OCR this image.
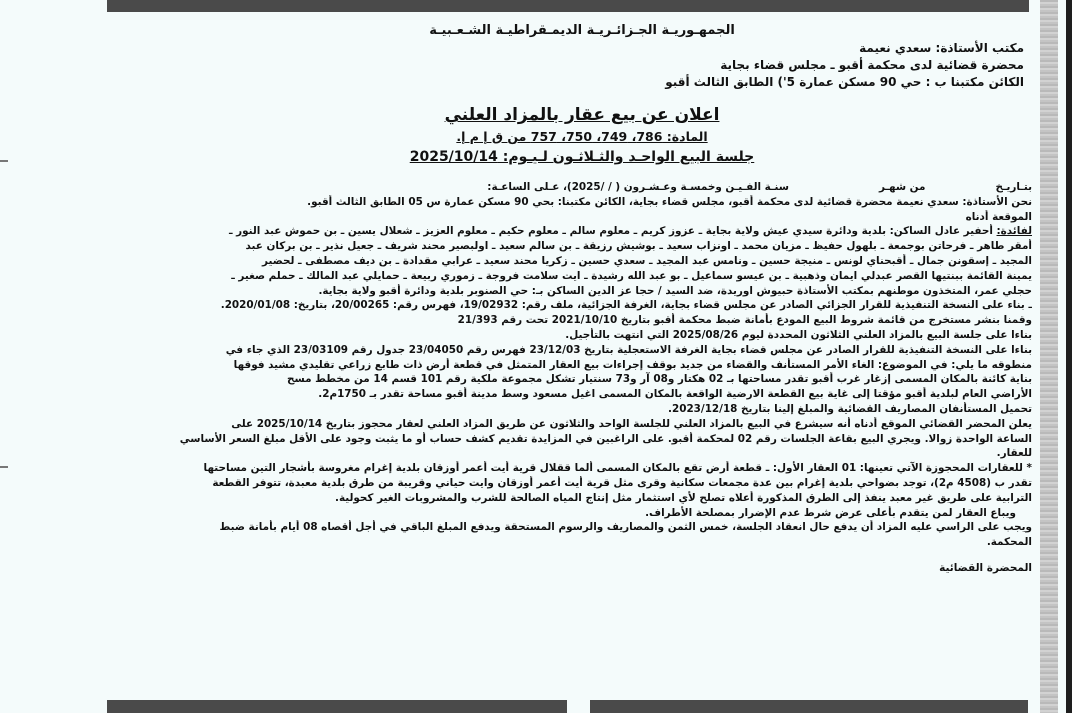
الجمهـوريـة الجـزائـريـة الديمـقراطيـة الشـعـبيـة
مكتب الأستاذة: سعدي نعيمة
محضرة قضائية لدى محكمة أقبو ـ مجلس قضاء بجاية
الكائن مكتبنا ب : حي 90 مسكن عمارة 5') الطابق الثالث أقبو
اعلان عن بيع عقار بالمزاد العلني
المادة: 786، 749، 750، 757 من ق إ م إ.
جلسة البيع الواحـد والثـلاثـون لـيـوم: 2025/10/14
بتـاريـخمن شهـرسنـة الفـيـن وخمسـة وعـشـرون ( / /2025)، عـلى الساعـة:
نحن الأستاذة: سعدي نعيمة محضرة قضائية لدى محكمة أقبو، مجلس قضاء بجاية، الكائن مكتبنا: بحي 90 مسكن عمارة س 05 الطابق الثالث أقبو.
الموقعة أدناه
لفائدة: أحفير عادل الساكن: بلدية ودائرة سيدي عيش ولاية بجاية ـ عزوز كريم ـ معلوم سالم ـ معلوم حكيم ـ معلوم العزيز ـ شعلال يسين ـ بن حموش عبد النور ـ
أمقر طاهر ـ فرحاتن بوجمعة ـ بلهول حفيظ ـ مزيان محمد ـ اونزاب سعيد ـ بوشيش رزيقة ـ بن سالم سعيد ـ اولبصير محند شريف ـ جعيل نذير ـ بن بركان عبد
المجيد ـ إسقونن جمال ـ أقبحناي لونس ـ منيجة حسين ـ ونامس عبد المجيد ـ سعدي حسين ـ زكريا محند سعيد ـ عرابي مقدادة ـ بن ديف مصطفى ـ لحضير
يمينة القائمة ببنتيها القصر عبدلي ايمان وذهبية ـ بن عيسو سماعيل ـ بو عبد الله رشيدة ـ ايت سلامت فروجة ـ زموري ربيعة ـ حمايلي عبد المالك ـ حملم صغير ـ
حجلي عمر، المتخذون موطنهم بمكتب الأستاذة حبيوش اوريدة، ضد السيد / حجا عز الدين الساكن بـ: حي الصنوبر بلدية ودائرة أقبو ولاية بجاية.
ـ بناء على النسخة التنفيذية للقرار الجزائي الصادر عن مجلس قضاء بجاية، الغرفة الجزائية، ملف رقم: 19/02932، فهرس رقم: 20/00265، بتاريخ: 2020/01/08.
وقمنا بنشر مستخرج من قائمة شروط البيع المودع بأمانة ضبط محكمة أقبو بتاريخ 2021/10/10 تحت رقم 21/393
بناءا على جلسة البيع بالمزاد العلني الثلاثون المحددة ليوم 2025/08/26 التي انتهت بالتأجيل.
بناءا على النسخة التنفيذية للقرار الصادر عن مجلس قضاء بجاية الغرفة الاستعجلية بتاريخ 23/12/03 فهرس رقم 23/04050 جدول رقم 23/03109 الذي جاء في
منطوقه ما يلي: في الموضوع: الغاء الأمر المستأنف والقضاء من جديد بوقف إجراءات بيع العقار المتمثل في قطعة أرض ذات طابع زراعي تقليدي مشيد فوقها
بناية كائنة بالمكان المسمى إزغار غرب أقبو تقدر مساحتها بـ 02 هكتار و08 آر و73 سنتيار تشكل مجموعة ملكية رقم 101 قسم 14 من مخطط مسح
الأراضي العام لبلدية أقبو مؤقتا إلى غاية بيع القطعة الارضية الواقعة بالمكان المسمى اغيل مسعود وسط مدينة أقبو مساحة تقدر بـ 1750م2.
تحميل المستأنفان المصاريف القضائية والمبلغ إلينا بتاريخ 2023/12/18.
يعلن المحضر القضائي الموقع أدناه أنه سيشرع في البيع بالمزاد العلني للجلسة الواحد والثلاثون عن طريق المزاد العلني لعقار محجوز بتاريخ 2025/10/14 على
الساعة الواحدة زوالا. ويجري البيع بقاعة الجلسات رقم 02 لمحكمة أقبو. على الراغبين في المزايدة تقديم كشف حساب أو ما يثبت وجود على الأقل مبلغ السعر الأساسي
للعقار.
* للعقارات المحجوزة الآتي تعينها: 01 العقار الأول: ـ قطعة أرض تقع بالمكان المسمى ألما ققلال قرية أيت أعمر أوزقان بلدية إغرام مغروسة بأشجار التين مساحتها
تقدر ب (4508 م2)، توجد بضواحي بلدية إغرام بين عدة مجمعات سكانية وقرى مثل قرية أيت أعمر أوزقان وايت حياني وقريبة من طرق بلدية معبدة، تتوفر القطعة
الترابية على طريق غير معبد ينفذ إلى الطرق المذكورة أعلاه تصلح لأي استثمار مثل إنتاج المياه الصالحة للشرب والمشروبات الغير كحولية.
ويباع العقار لمن يتقدم بأعلى عرض شرط عدم الإضرار بمصلحة الأطراف.
ويجب على الراسي عليه المزاد أن يدفع حال انعقاد الجلسة، خمس الثمن والمصاريف والرسوم المستحقة ويدفع المبلغ الباقي في أجل أقصاه 08 أيام بأمانة ضبط
المحكمة.
المحضرة القضائية
